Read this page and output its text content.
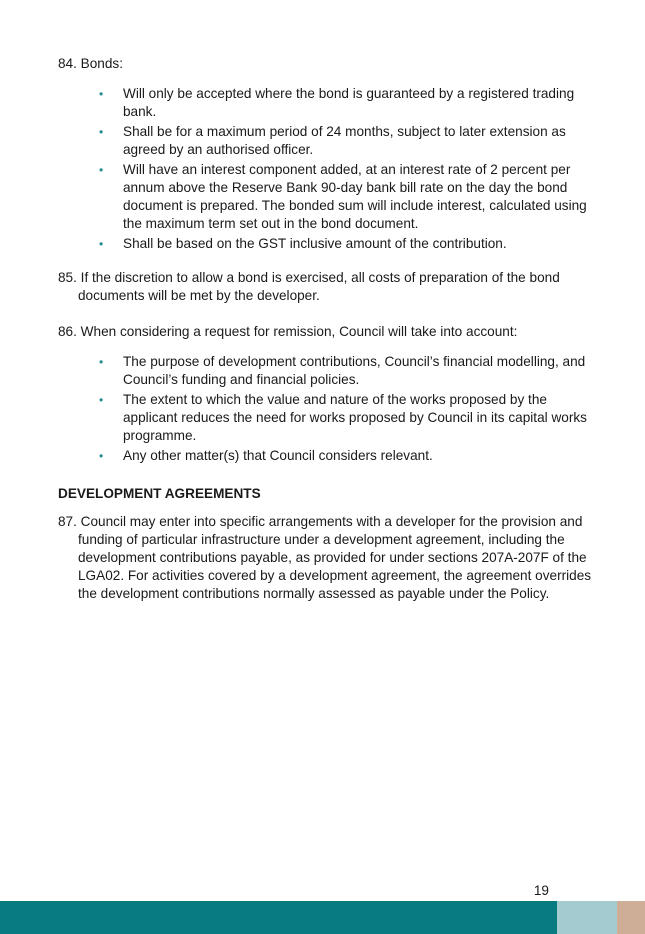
84. Bonds:

• Will only be accepted where the bond is guaranteed by a registered trading bank.
• Shall be for a maximum period of 24 months, subject to later extension as agreed by an authorised officer.
• Will have an interest component added, at an interest rate of 2 percent per annum above the Reserve Bank 90-day bank bill rate on the day the bond document is prepared. The bonded sum will include interest, calculated using the maximum term set out in the bond document.
• Shall be based on the GST inclusive amount of the contribution.

85. If the discretion to allow a bond is exercised, all costs of preparation of the bond documents will be met by the developer.

86. When considering a request for remission, Council will take into account:

• The purpose of development contributions, Council’s financial modelling, and Council’s funding and financial policies.
• The extent to which the value and nature of the works proposed by the applicant reduces the need for works proposed by Council in its capital works programme.
• Any other matter(s) that Council considers relevant.

DEVELOPMENT AGREEMENTS

87. Council may enter into specific arrangements with a developer for the provision and funding of particular infrastructure under a development agreement, including the development contributions payable, as provided for under sections 207A-207F of the LGA02. For activities covered by a development agreement, the agreement overrides the development contributions normally assessed as payable under the Policy.

19
